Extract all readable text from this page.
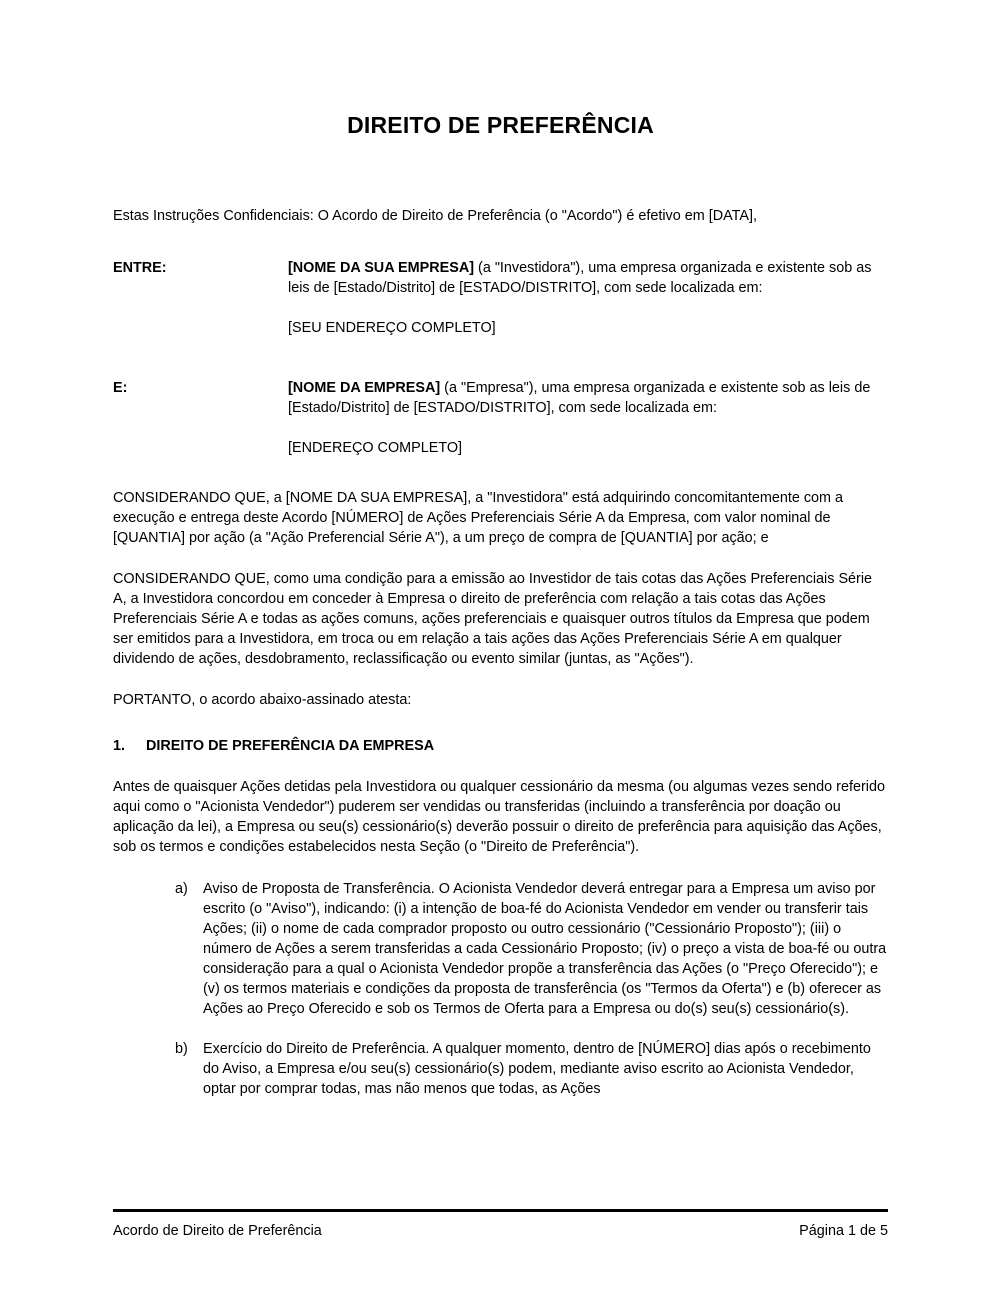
DIREITO DE PREFERÊNCIA

Estas Instruções Confidenciais: O Acordo de Direito de Preferência (o "Acordo") é efetivo em [DATA],

ENTRE:	[NOME DA SUA EMPRESA] (a "Investidora"), uma empresa organizada e existente sob as leis de [Estado/Distrito] de [ESTADO/DISTRITO], com sede localizada em:
[SEU ENDEREÇO COMPLETO]
E:	[NOME DA EMPRESA] (a "Empresa"), uma empresa organizada e existente sob as leis de [Estado/Distrito] de [ESTADO/DISTRITO], com sede localizada em:
[ENDEREÇO COMPLETO]

CONSIDERANDO QUE, a [NOME DA SUA EMPRESA], a "Investidora" está adquirindo concomitantemente com a execução e entrega deste Acordo [NÚMERO] de Ações Preferenciais Série A da Empresa, com valor nominal de [QUANTIA] por ação (a "Ação Preferencial Série A"), a um preço de compra de [QUANTIA] por ação; e

CONSIDERANDO QUE, como uma condição para a emissão ao Investidor de tais cotas das Ações Preferenciais Série A, a Investidora concordou em conceder à Empresa o direito de preferência com relação a tais cotas das Ações Preferenciais Série A e todas as ações comuns, ações preferenciais e quaisquer outros títulos da Empresa que podem ser emitidos para a Investidora, em troca ou em relação a tais ações das Ações Preferenciais Série A em qualquer dividendo de ações, desdobramento, reclassificação ou evento similar (juntas, as "Ações").

PORTANTO, o acordo abaixo-assinado atesta:

1.	DIREITO DE PREFERÊNCIA DA EMPRESA

Antes de quaisquer Ações detidas pela Investidora ou qualquer cessionário da mesma (ou algumas vezes sendo referido aqui como o "Acionista Vendedor") puderem ser vendidas ou transferidas (incluindo a transferência por doação ou aplicação da lei), a Empresa ou seu(s) cessionário(s) deverão possuir o direito de preferência para aquisição das Ações, sob os termos e condições estabelecidos nesta Seção (o "Direito de Preferência").

a)	Aviso de Proposta de Transferência. O Acionista Vendedor deverá entregar para a Empresa um aviso por escrito (o "Aviso"), indicando: (i) a intenção de boa-fé do Acionista Vendedor em vender ou transferir tais Ações; (ii) o nome de cada comprador proposto ou outro cessionário ("Cessionário Proposto"); (iii) o número de Ações a serem transferidas a cada Cessionário Proposto; (iv) o preço a vista de boa-fé ou outra consideração para a qual o Acionista Vendedor propõe a transferência das Ações (o "Preço Oferecido"); e (v) os termos materiais e condições da proposta de transferência (os "Termos da Oferta") e (b) oferecer as Ações ao Preço Oferecido e sob os Termos de Oferta para a Empresa ou do(s) seu(s) cessionário(s).
b)	Exercício do Direito de Preferência. A qualquer momento, dentro de [NÚMERO] dias após o recebimento do Aviso, a Empresa e/ou seu(s) cessionário(s) podem, mediante aviso escrito ao Acionista Vendedor, optar por comprar todas, mas não menos que todas, as Ações
Acordo de Direito de Preferência	Página 1 de 5
